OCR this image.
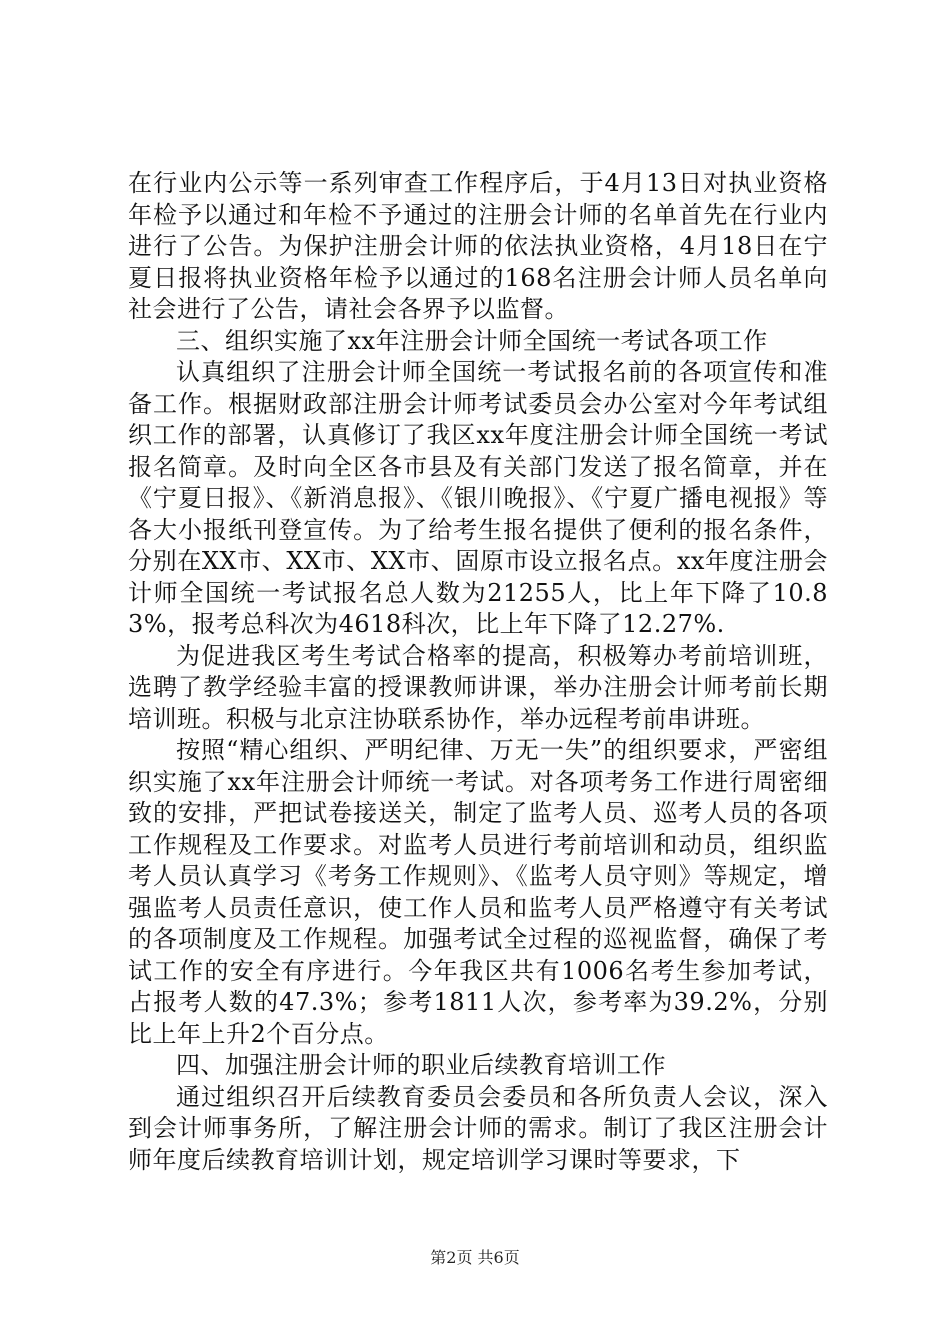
在行业内公示等一系列审查工作程序后，于4月13日对执业资格年检予以通过和年检不予通过的注册会计师的名单首先在行业内进行了公告。为保护注册会计师的依法执业资格，4月18日在宁夏日报将执业资格年检予以通过的168名注册会计师人员名单向社会进行了公告，请社会各界予以监督。

三、组织实施了xx年注册会计师全国统一考试各项工作

认真组织了注册会计师全国统一考试报名前的各项宣传和准备工作。根据财政部注册会计师考试委员会办公室对今年考试组织工作的部署，认真修订了我区xx年度注册会计师全国统一考试报名简章。及时向全区各市县及有关部门发送了报名简章，并在《宁夏日报》、《新消息报》、《银川晚报》、《宁夏广播电视报》等各大小报纸刊登宣传。为了给考生报名提供了便利的报名条件，分别在XX市、XX市、XX市、固原市设立报名点。xx年度注册会计师全国统一考试报名总人数为21255人，比上年下降了10.83%，报考总科次为4618科次，比上年下降了12.27%.

为促进我区考生考试合格率的提高，积极筹办考前培训班，选聘了教学经验丰富的授课教师讲课，举办注册会计师考前长期培训班。积极与北京注协联系协作，举办远程考前串讲班。

按照“精心组织、严明纪律、万无一失”的组织要求，严密组织实施了xx年注册会计师统一考试。对各项考务工作进行周密细致的安排，严把试卷接送关，制定了监考人员、巡考人员的各项工作规程及工作要求。对监考人员进行考前培训和动员，组织监考人员认真学习《考务工作规则》、《监考人员守则》等规定，增强监考人员责任意识，使工作人员和监考人员严格遵守有关考试的各项制度及工作规程。加强考试全过程的巡视监督，确保了考试工作的安全有序进行。今年我区共有1006名考生参加考试，占报考人数的47.3%；参考1811人次，参考率为39.2%，分别比上年上升2个百分点。

四、加强注册会计师的职业后续教育培训工作

通过组织召开后续教育委员会委员和各所负责人会议，深入到会计师事务所，了解注册会计师的需求。制订了我区注册会计师年度后续教育培训计划，规定培训学习课时等要求，下

第2页 共6页
